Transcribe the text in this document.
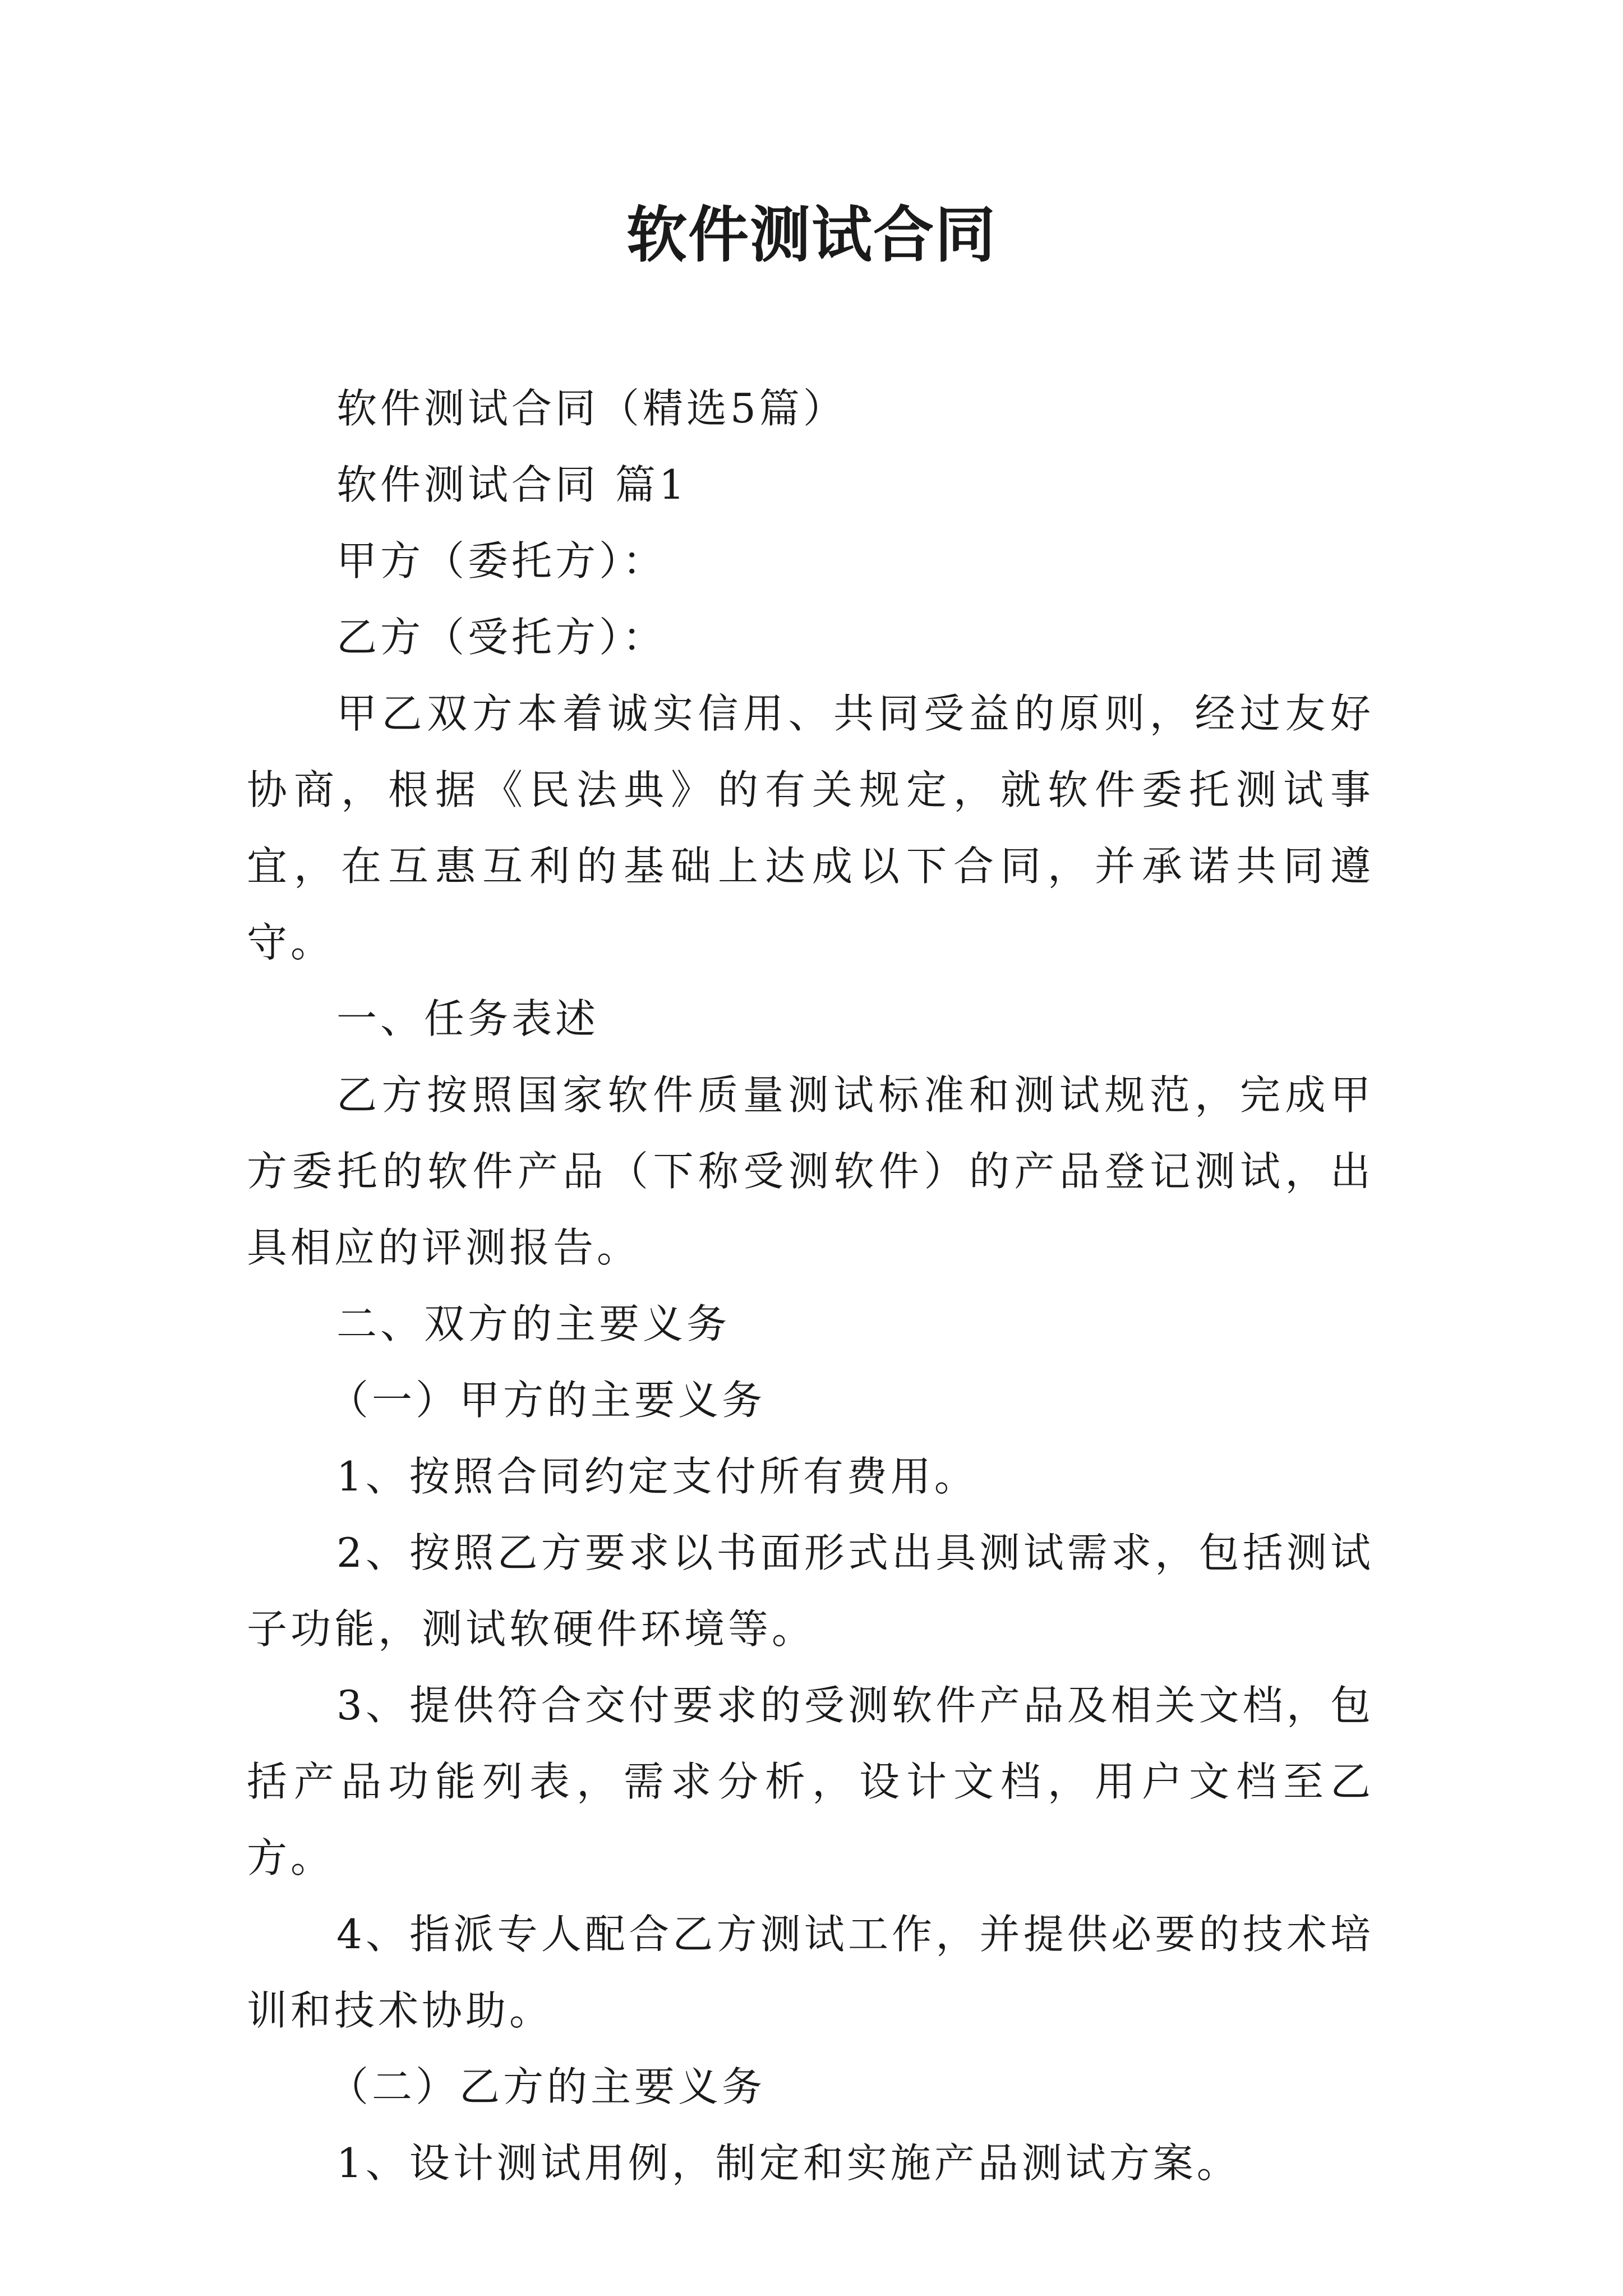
软件测试合同

软件测试合同（精选5篇）

软件测试合同 篇1

甲方（委托方）：

乙方（受托方）：

甲乙双方本着诚实信用、共同受益的原则，经过友好协商，根据《民法典》的有关规定，就软件委托测试事宜，在互惠互利的基础上达成以下合同，并承诺共同遵守。

一、任务表述

乙方按照国家软件质量测试标准和测试规范，完成甲方委托的软件产品（下称受测软件）的产品登记测试，出具相应的评测报告。

二、双方的主要义务

（一）甲方的主要义务

1、按照合同约定支付所有费用。

2、按照乙方要求以书面形式出具测试需求，包括测试子功能，测试软硬件环境等。

3、提供符合交付要求的受测软件产品及相关文档，包括产品功能列表，需求分析，设计文档，用户文档至乙方。

4、指派专人配合乙方测试工作，并提供必要的技术培训和技术协助。

（二）乙方的主要义务

1、设计测试用例，制定和实施产品测试方案。
